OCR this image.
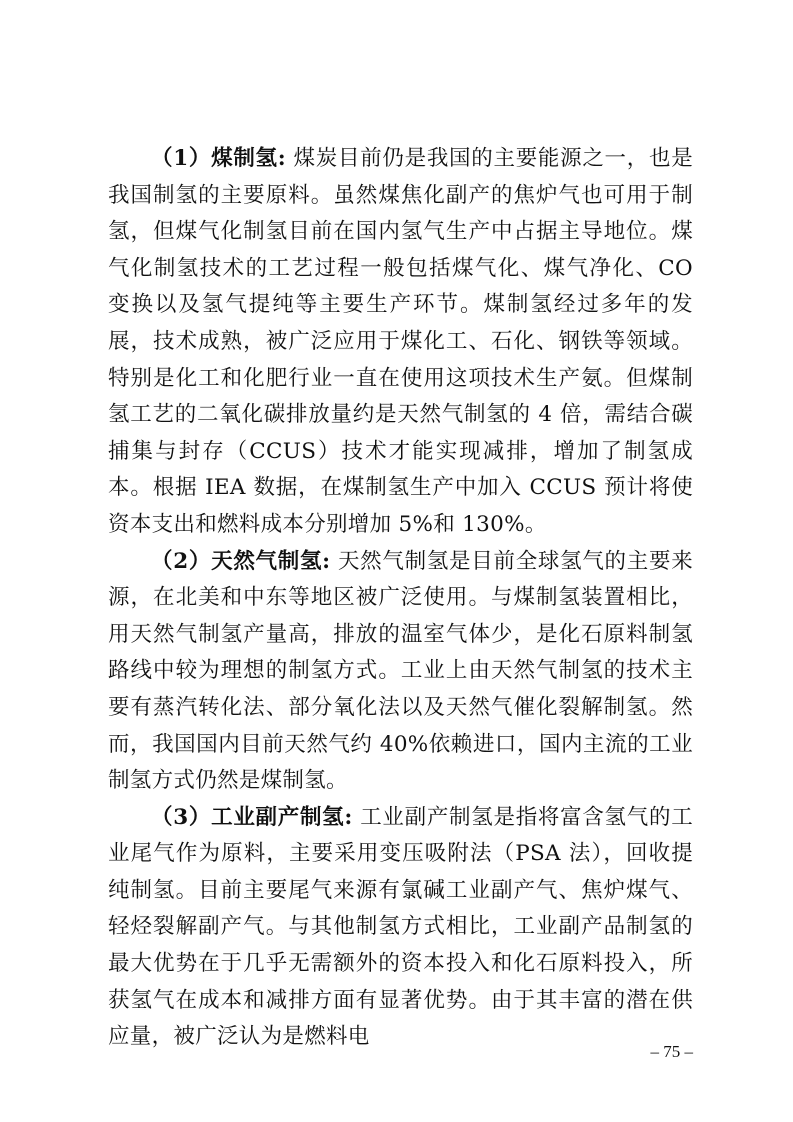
（1）煤制氢: 煤炭目前仍是我国的主要能源之一，也是我国制氢的主要原料。虽然煤焦化副产的焦炉气也可用于制氢，但煤气化制氢目前在国内氢气生产中占据主导地位。煤气化制氢技术的工艺过程一般包括煤气化、煤气净化、CO 变换以及氢气提纯等主要生产环节。煤制氢经过多年的发展，技术成熟，被广泛应用于煤化工、石化、钢铁等领域。特别是化工和化肥行业一直在使用这项技术生产氨。但煤制氢工艺的二氧化碳排放量约是天然气制氢的 4 倍，需结合碳捕集与封存（CCUS）技术才能实现减排，增加了制氢成本。根据 IEA 数据，在煤制氢生产中加入 CCUS 预计将使资本支出和燃料成本分别增加 5%和 130%。

（2）天然气制氢: 天然气制氢是目前全球氢气的主要来源，在北美和中东等地区被广泛使用。与煤制氢装置相比，用天然气制氢产量高，排放的温室气体少，是化石原料制氢路线中较为理想的制氢方式。工业上由天然气制氢的技术主要有蒸汽转化法、部分氧化法以及天然气催化裂解制氢。然而，我国国内目前天然气约 40%依赖进口，国内主流的工业制氢方式仍然是煤制氢。

（3）工业副产制氢: 工业副产制氢是指将富含氢气的工业尾气作为原料，主要采用变压吸附法（PSA 法），回收提纯制氢。目前主要尾气来源有氯碱工业副产气、焦炉煤气、轻烃裂解副产气。与其他制氢方式相比，工业副产品制氢的最大优势在于几乎无需额外的资本投入和化石原料投入，所获氢气在成本和减排方面有显著优势。由于其丰富的潜在供应量，被广泛认为是燃料电

– 75 –
